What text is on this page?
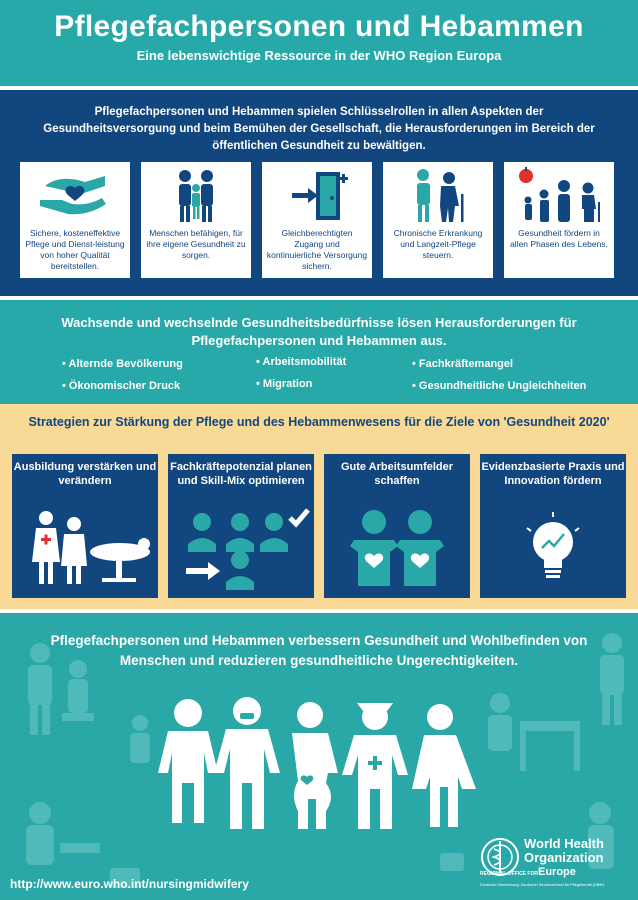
Pflegefachpersonen und Hebammen
Eine lebenswichtige Ressource in der WHO Region Europa
Pflegefachpersonen und Hebammen spielen Schlüsselrollen in allen Aspekten der Gesundheitsversorgung und beim Bemühen der Gesellschaft, die Herausforderungen im Bereich der öffentlichen Gesundheit zu bewältigen.
Sichere, kosteneffektive Pflege und Dienst-leistung von hoher Qualität bereitstellen.
Menschen befähigen, für ihre eigene Gesundheit zu sorgen.
Gleichberechtigten Zugang und kontinuierliche Versorgung sichern.
Chronische Erkrankung und Langzeit-Pflege steuern.
Gesundheit fördern in allen Phasen des Lebens.
Wachsende und wechselnde Gesundheitsbedürfnisse lösen Herausforderungen für Pflegefachpersonen und Hebammen aus.
• Alternde Bevölkerung
• Ökonomischer Druck
• Arbeitsmobilität
• Migration
• Fachkräftemangel
• Gesundheitliche Ungleichheiten
Strategien zur Stärkung der Pflege und des Hebammenwesens für die Ziele von 'Gesundheit 2020'
Ausbildung verstärken und verändern
Fachkräftepotenzial planen und Skill-Mix optimieren
Gute Arbeitsumfelder schaffen
Evidenzbasierte Praxis und Innovation fördern
Pflegefachpersonen und Hebammen verbessern Gesundheit und Wohlbefinden von Menschen und reduzieren gesundheitliche Ungerechtigkeiten.
http://www.euro.who.int/nursingmidwifery
World Health
Organization
REGIONAL OFFICE FOR Europe
Deutsche Übersetzung: Deutscher Berufsverband für Pflegeberufe (DBfK)
